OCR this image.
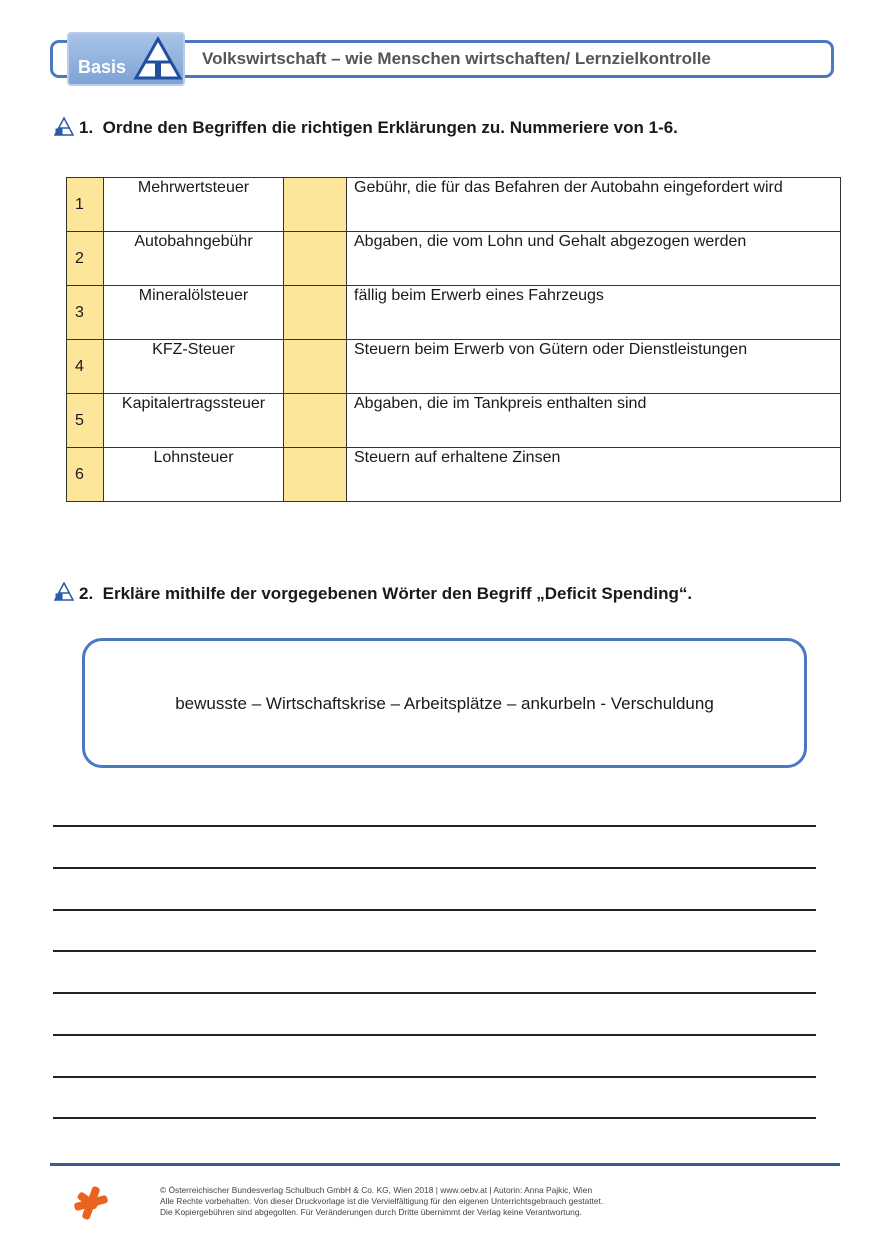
Basis	Volkswirtschaft – wie Menschen wirtschaften/ Lernzielkontrolle
1.  Ordne den Begriffen die richtigen Erklärungen zu. Nummeriere von 1-6.
1	Mehrwertsteuer		Gebühr, die für das Befahren der Autobahn eingefordert wird
2	Autobahngebühr		Abgaben, die vom Lohn und Gehalt abgezogen werden
3	Mineralölsteuer		fällig beim Erwerb eines Fahrzeugs
4	KFZ-Steuer		Steuern beim Erwerb von Gütern oder Dienstleistungen
5	Kapitalertragssteuer		Abgaben, die im Tankpreis enthalten sind
6	Lohnsteuer		Steuern auf erhaltene Zinsen
2.  Erkläre mithilfe der vorgegebenen Wörter den Begriff „Deficit Spending“.
bewusste – Wirtschaftskrise – Arbeitsplätze – ankurbeln - Verschuldung
© Österreichischer Bundesverlag Schulbuch GmbH & Co. KG, Wien 2018 | www.oebv.at | Autorin: Anna Pajkic, Wien
Alle Rechte vorbehalten. Von dieser Druckvorlage ist die Vervielfältigung für den eigenen Unterrichtsgebrauch gestattet.
Die Kopiergebühren sind abgegolten. Für Veränderungen durch Dritte übernimmt der Verlag keine Verantwortung.
